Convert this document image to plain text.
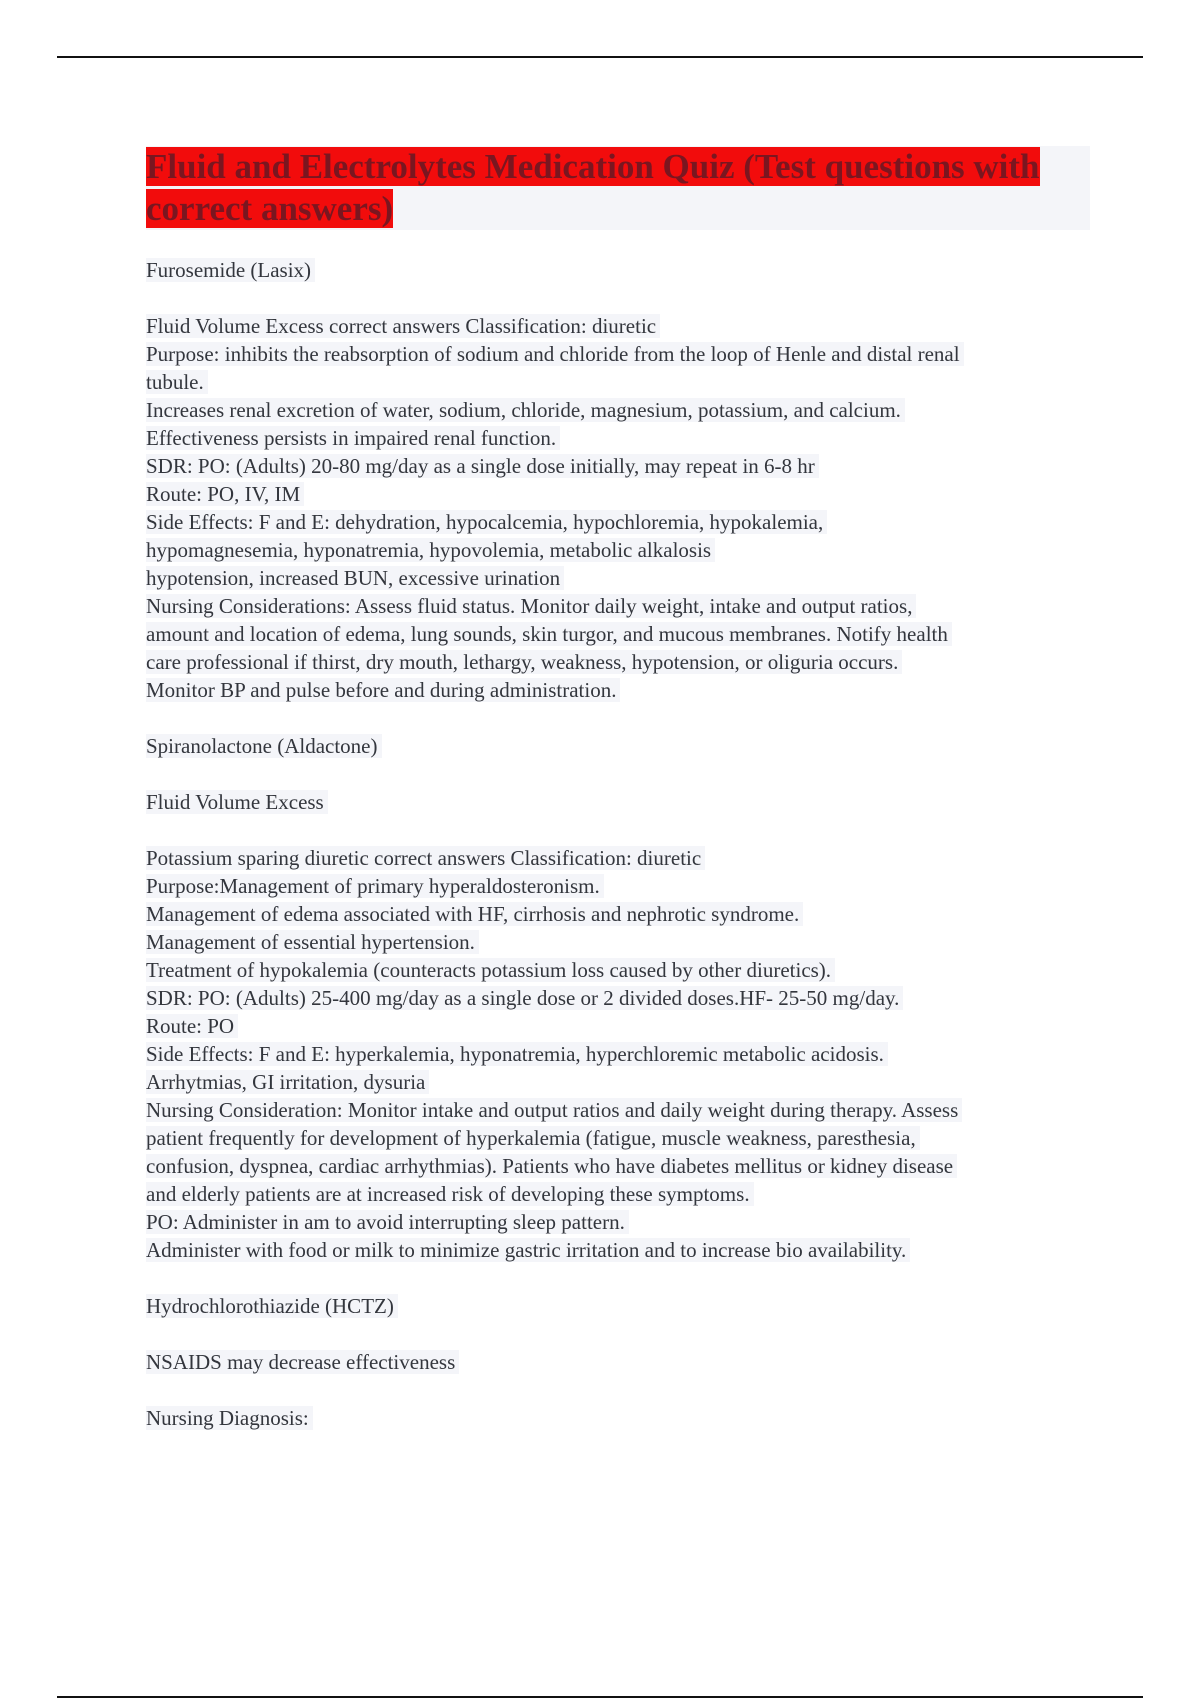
Fluid and Electrolytes Medication Quiz (Test questions with correct answers)
Furosemide (Lasix)
Fluid Volume Excess correct answers Classification: diuretic
Purpose: inhibits the reabsorption of sodium and chloride from the loop of Henle and distal renal
tubule.
Increases renal excretion of water, sodium, chloride, magnesium, potassium, and calcium.
Effectiveness persists in impaired renal function.
SDR: PO: (Adults) 20-80 mg/day as a single dose initially, may repeat in 6-8 hr
Route: PO, IV, IM
Side Effects: F and E: dehydration, hypocalcemia, hypochloremia, hypokalemia,
hypomagnesemia, hyponatremia, hypovolemia, metabolic alkalosis
hypotension, increased BUN, excessive urination
Nursing Considerations: Assess fluid status. Monitor daily weight, intake and output ratios,
amount and location of edema, lung sounds, skin turgor, and mucous membranes. Notify health
care professional if thirst, dry mouth, lethargy, weakness, hypotension, or oliguria occurs.
Monitor BP and pulse before and during administration.
Spiranolactone (Aldactone)
Fluid Volume Excess
Potassium sparing diuretic correct answers Classification: diuretic
Purpose:Management of primary hyperaldosteronism.
Management of edema associated with HF, cirrhosis and nephrotic syndrome.
Management of essential hypertension.
Treatment of hypokalemia (counteracts potassium loss caused by other diuretics).
SDR: PO: (Adults) 25-400 mg/day as a single dose or 2 divided doses.HF- 25-50 mg/day.
Route: PO
Side Effects: F and E: hyperkalemia, hyponatremia, hyperchloremic metabolic acidosis.
Arrhytmias, GI irritation, dysuria
Nursing Consideration: Monitor intake and output ratios and daily weight during therapy. Assess
patient frequently for development of hyperkalemia (fatigue, muscle weakness, paresthesia,
confusion, dyspnea, cardiac arrhythmias). Patients who have diabetes mellitus or kidney disease
and elderly patients are at increased risk of developing these symptoms.
PO: Administer in am to avoid interrupting sleep pattern.
Administer with food or milk to minimize gastric irritation and to increase bio availability.
Hydrochlorothiazide (HCTZ)
NSAIDS may decrease effectiveness
Nursing Diagnosis:
